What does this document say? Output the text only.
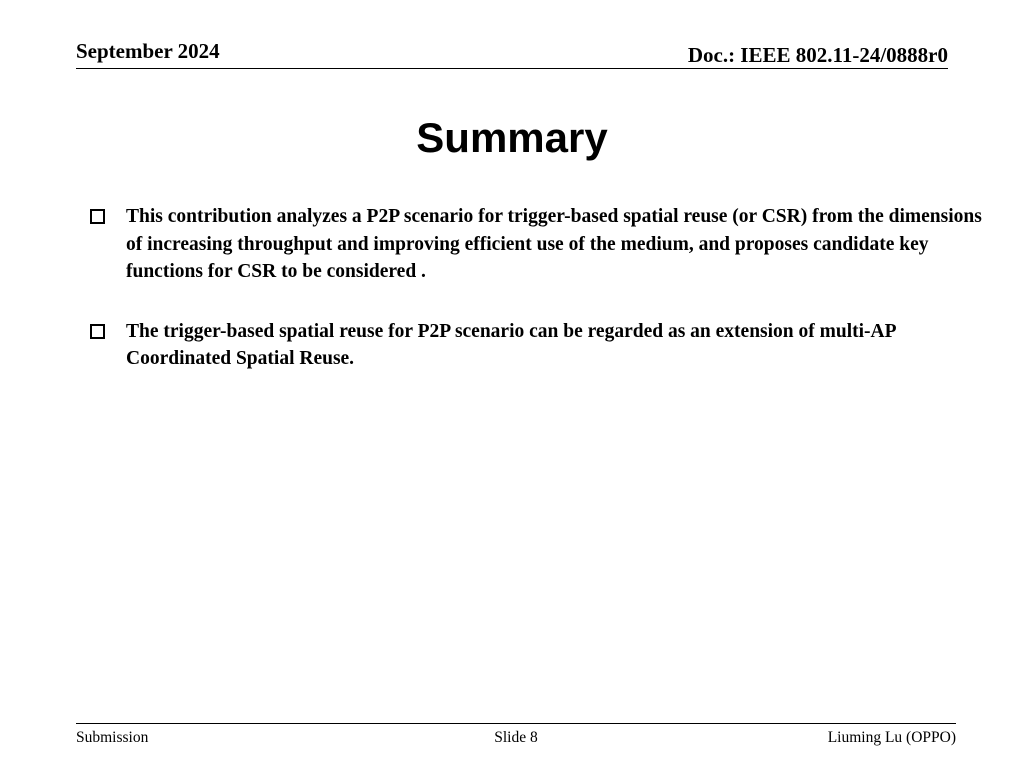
September 2024	Doc.: IEEE 802.11-24/0888r0
Summary
This contribution analyzes a P2P scenario for trigger-based spatial reuse (or CSR) from the dimensions of increasing throughput and improving efficient use of the medium, and proposes candidate key functions for CSR to be considered .
The trigger-based spatial reuse for P2P scenario can be regarded as an extension of multi-AP Coordinated Spatial Reuse.
Submission	Slide 8	Liuming Lu (OPPO)
